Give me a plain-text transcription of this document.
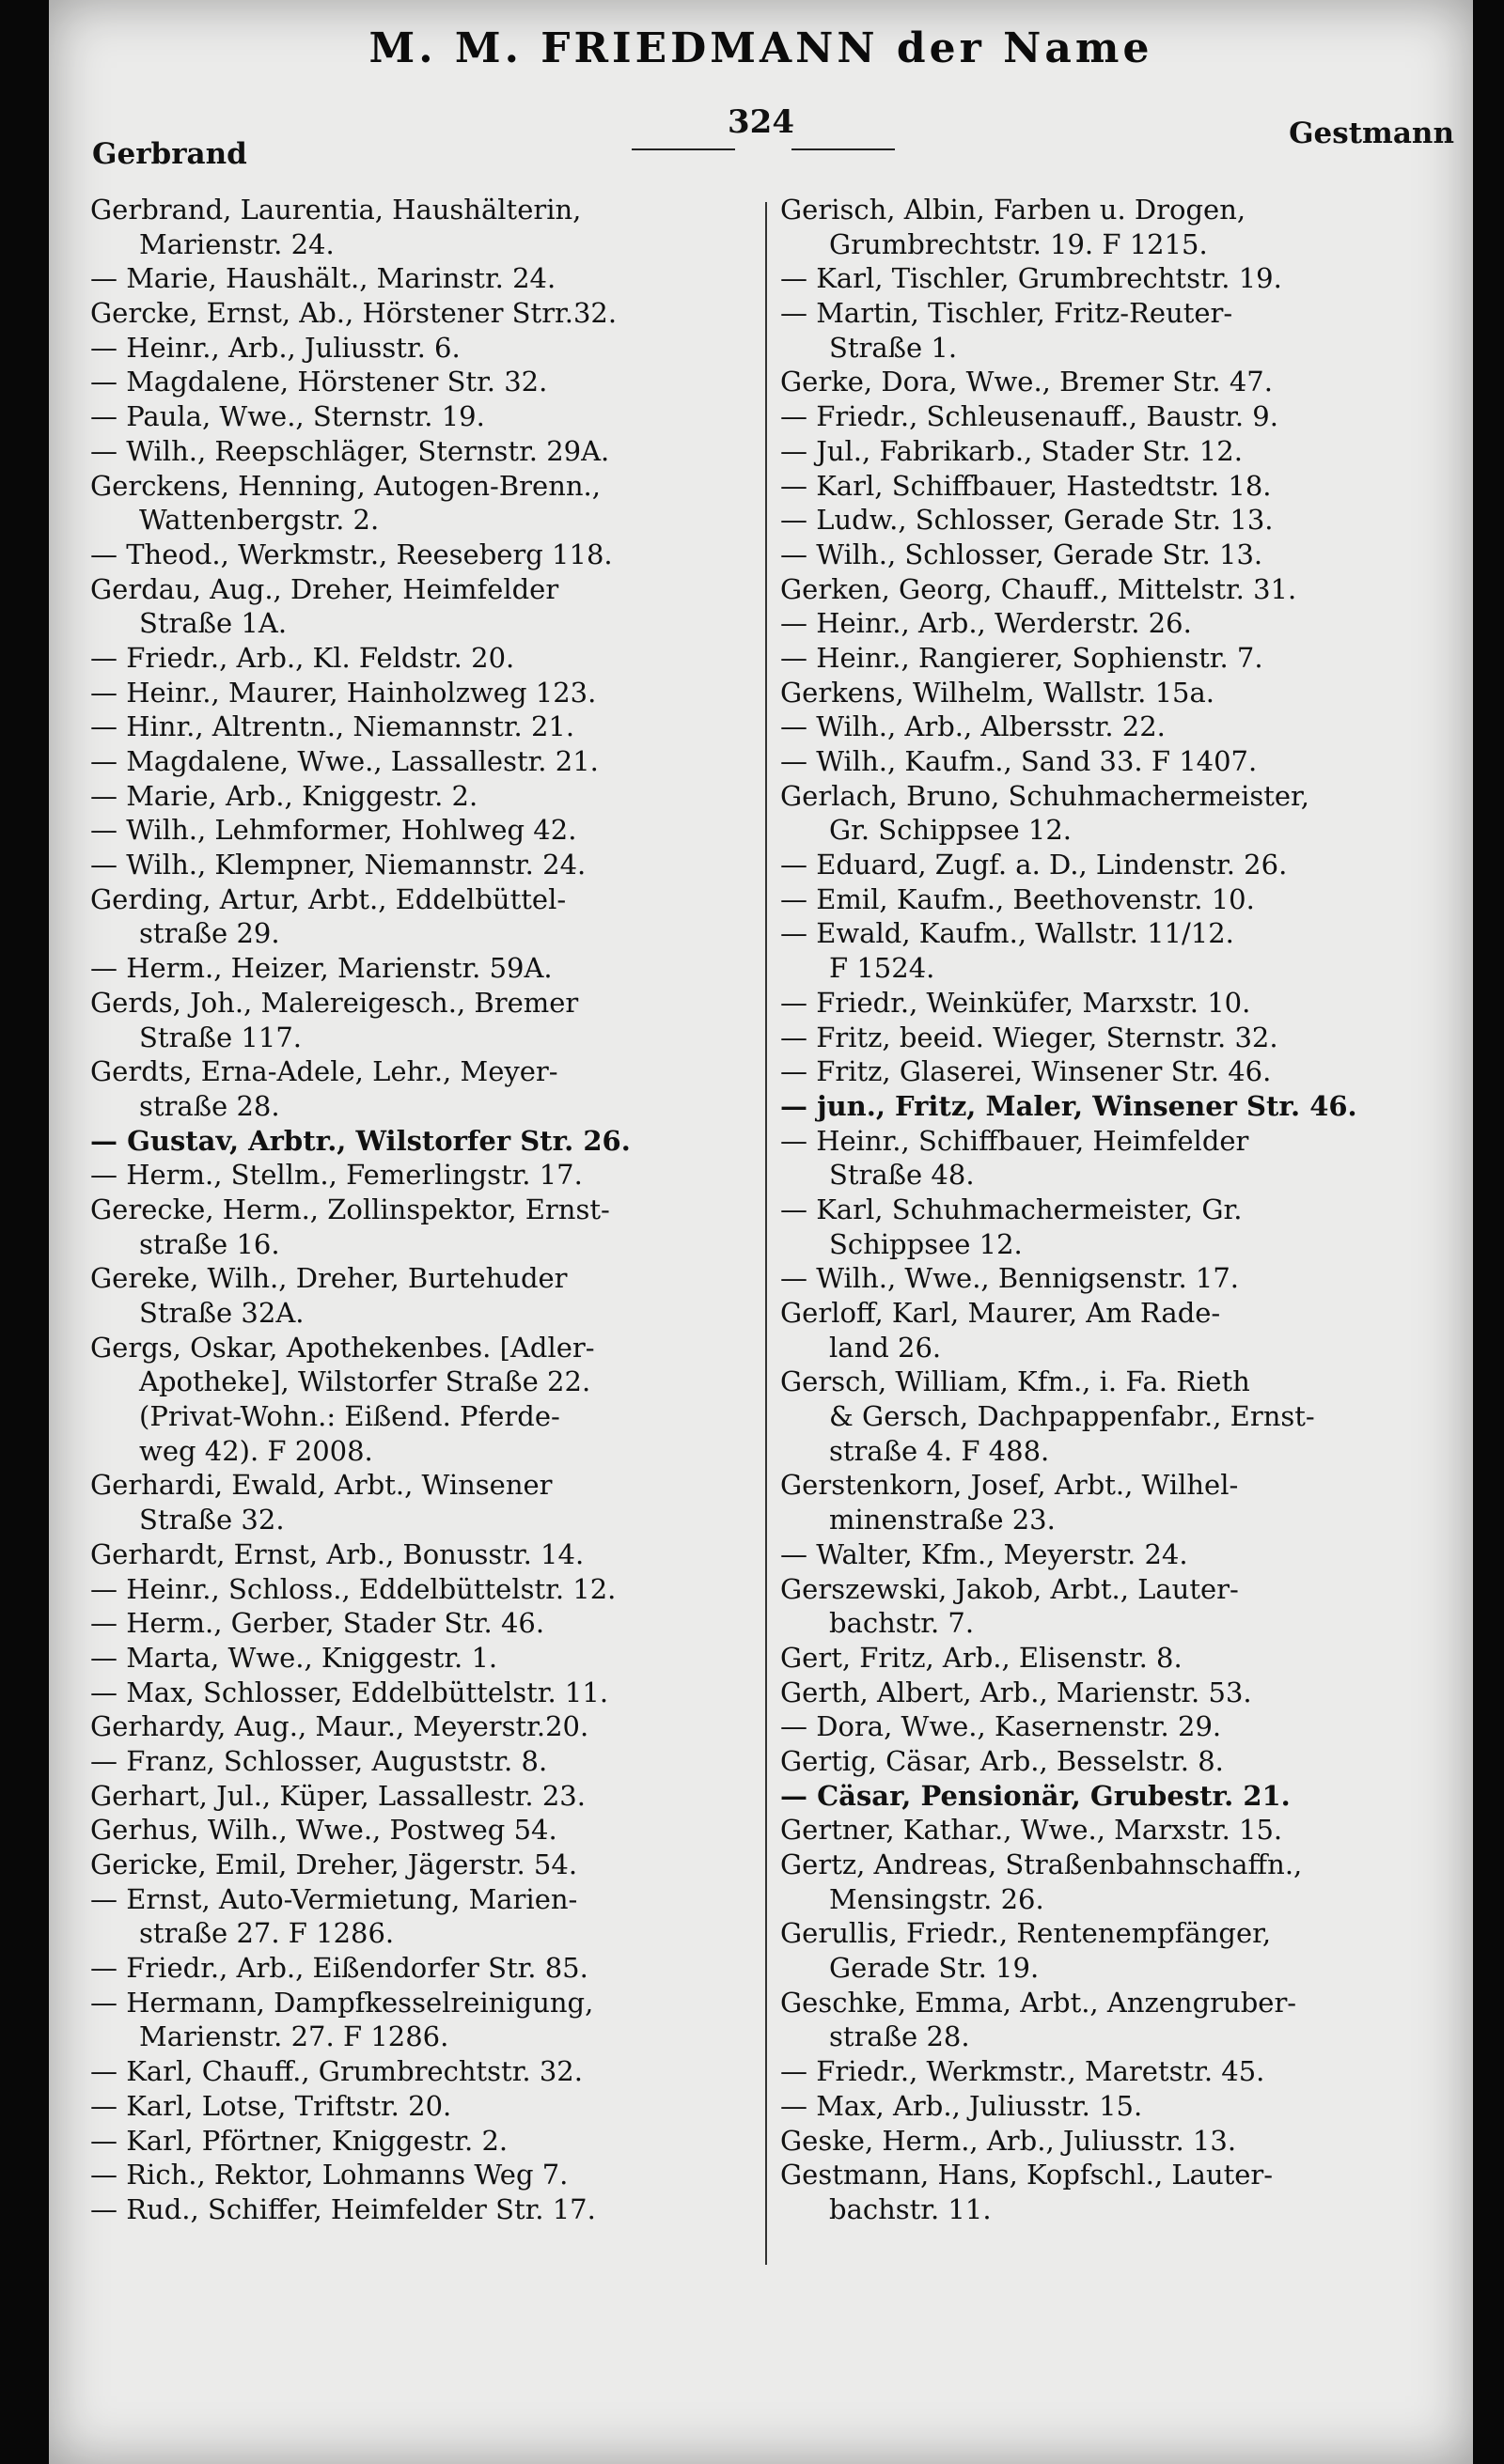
M. M. FRIEDMANN der Name
Gerbrand
324	Gestmann
Gerbrand, Laurentia, Haushälterin,
Marienstr. 24.
— Marie, Haushält., Marinstr. 24.
Gercke, Ernst, Ab., Hörstener Strr.32.
— Heinr., Arb., Juliusstr. 6.
— Magdalene, Hörstener Str. 32.
— Paula, Wwe., Sternstr. 19.
— Wilh., Reepschläger, Sternstr. 29A.
Gerckens, Henning, Autogen-Brenn.,
Wattenbergstr. 2.
— Theod., Werkmstr., Reeseberg 118.
Gerdau, Aug., Dreher, Heimfelder
Straße 1A.
— Friedr., Arb., Kl. Feldstr. 20.
— Heinr., Maurer, Hainholzweg 123.
— Hinr., Altrentn., Niemannstr. 21.
— Magdalene, Wwe., Lassallestr. 21.
— Marie, Arb., Kniggestr. 2.
— Wilh., Lehmformer, Hohlweg 42.
— Wilh., Klempner, Niemannstr. 24.
Gerding, Artur, Arbt., Eddelbüttel-
straße 29.
— Herm., Heizer, Marienstr. 59A.
Gerds, Joh., Malereigesch., Bremer
Straße 117.
Gerdts, Erna-Adele, Lehr., Meyer-
straße 28.
— Gustav, Arbtr., Wilstorfer Str. 26.
— Herm., Stellm., Femerlingstr. 17.
Gerecke, Herm., Zollinspektor, Ernst-
straße 16.
Gereke, Wilh., Dreher, Burtehuder
Straße 32A.
Gergs, Oskar, Apothekenbes. [Adler-
Apotheke], Wilstorfer Straße 22.
(Privat-Wohn.: Eißend. Pferde-
weg 42). F 2008.
Gerhardi, Ewald, Arbt., Winsener
Straße 32.
Gerhardt, Ernst, Arb., Bonusstr. 14.
— Heinr., Schloss., Eddelbüttelstr. 12.
— Herm., Gerber, Stader Str. 46.
— Marta, Wwe., Kniggestr. 1.
— Max, Schlosser, Eddelbüttelstr. 11.
Gerhardy, Aug., Maur., Meyerstr.20.
— Franz, Schlosser, Auguststr. 8.
Gerhart, Jul., Küper, Lassallestr. 23.
Gerhus, Wilh., Wwe., Postweg 54.
Gericke, Emil, Dreher, Jägerstr. 54.
— Ernst, Auto-Vermietung, Marien-
straße 27. F 1286.
— Friedr., Arb., Eißendorfer Str. 85.
— Hermann, Dampfkesselreinigung,
Marienstr. 27. F 1286.
— Karl, Chauff., Grumbrechtstr. 32.
— Karl, Lotse, Triftstr. 20.
— Karl, Pförtner, Kniggestr. 2.
— Rich., Rektor, Lohmanns Weg 7.
— Rud., Schiffer, Heimfelder Str. 17.
Gerisch, Albin, Farben u. Drogen,
Grumbrechtstr. 19. F 1215.
— Karl, Tischler, Grumbrechtstr. 19.
— Martin, Tischler, Fritz-Reuter-
Straße 1.
Gerke, Dora, Wwe., Bremer Str. 47.
— Friedr., Schleusenauff., Baustr. 9.
— Jul., Fabrikarb., Stader Str. 12.
— Karl, Schiffbauer, Hastedtstr. 18.
— Ludw., Schlosser, Gerade Str. 13.
— Wilh., Schlosser, Gerade Str. 13.
Gerken, Georg, Chauff., Mittelstr. 31.
— Heinr., Arb., Werderstr. 26.
— Heinr., Rangierer, Sophienstr. 7.
Gerkens, Wilhelm, Wallstr. 15a.
— Wilh., Arb., Albersstr. 22.
— Wilh., Kaufm., Sand 33. F 1407.
Gerlach, Bruno, Schuhmachermeister,
Gr. Schippsee 12.
— Eduard, Zugf. a. D., Lindenstr. 26.
— Emil, Kaufm., Beethovenstr. 10.
— Ewald, Kaufm., Wallstr. 11/12.
F 1524.
— Friedr., Weinküfer, Marxstr. 10.
— Fritz, beeid. Wieger, Sternstr. 32.
— Fritz, Glaserei, Winsener Str. 46.
— jun., Fritz, Maler, Winsener Str. 46.
— Heinr., Schiffbauer, Heimfelder
Straße 48.
— Karl, Schuhmachermeister, Gr.
Schippsee 12.
— Wilh., Wwe., Bennigsenstr. 17.
Gerloff, Karl, Maurer, Am Rade-
land 26.
Gersch, William, Kfm., i. Fa. Rieth
& Gersch, Dachpappenfabr., Ernst-
straße 4. F 488.
Gerstenkorn, Josef, Arbt., Wilhel-
minenstraße 23.
— Walter, Kfm., Meyerstr. 24.
Gerszewski, Jakob, Arbt., Lauter-
bachstr. 7.
Gert, Fritz, Arb., Elisenstr. 8.
Gerth, Albert, Arb., Marienstr. 53.
— Dora, Wwe., Kasernenstr. 29.
Gertig, Cäsar, Arb., Besselstr. 8.
— Cäsar, Pensionär, Grubestr. 21.
Gertner, Kathar., Wwe., Marxstr. 15.
Gertz, Andreas, Straßenbahnschaffn.,
Mensingstr. 26.
Gerullis, Friedr., Rentenempfänger,
Gerade Str. 19.
Geschke, Emma, Arbt., Anzengruber-
straße 28.
— Friedr., Werkmstr., Maretstr. 45.
— Max, Arb., Juliusstr. 15.
Geske, Herm., Arb., Juliusstr. 13.
Gestmann, Hans, Kopfschl., Lauter-
bachstr. 11.
